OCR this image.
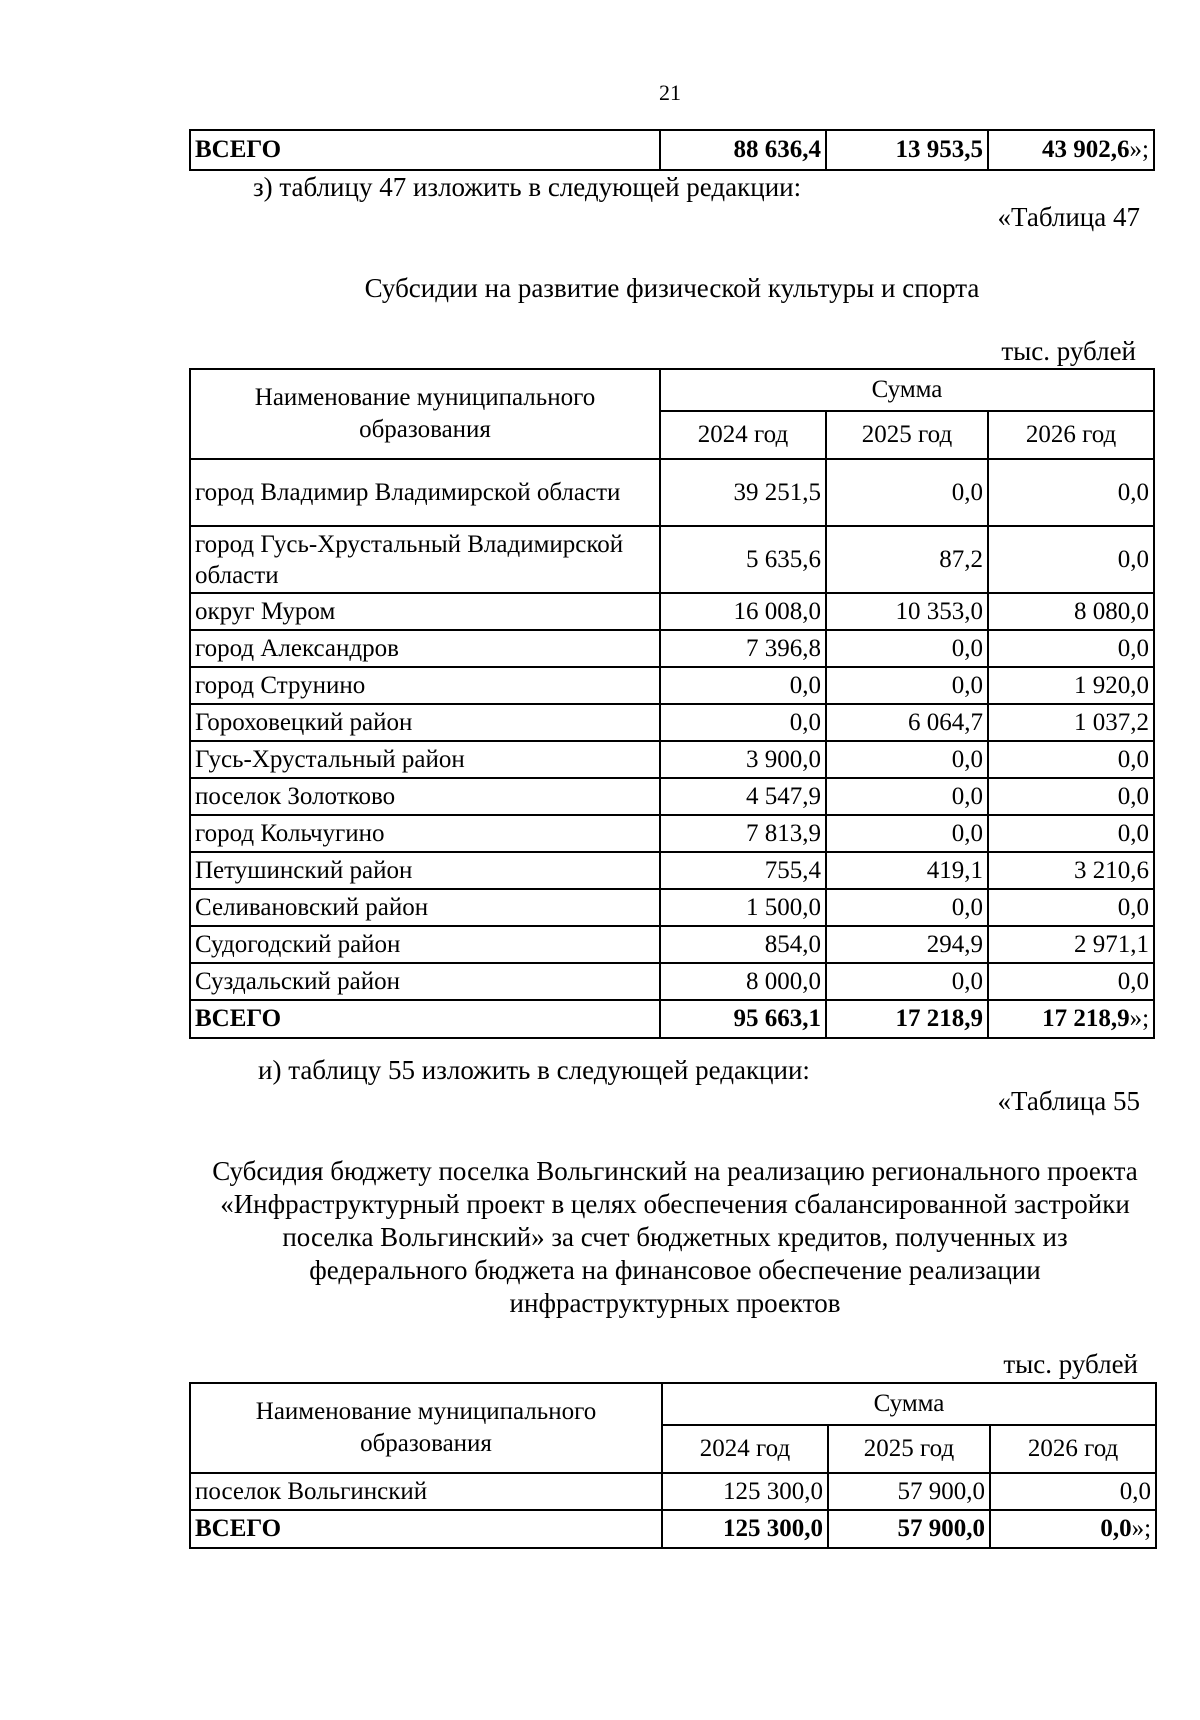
21
ВСЕГО	88 636,4	13 953,5	43 902,6»;
з) таблицу 47 изложить в следующей редакции:
«Таблица 47
Субсидии на развитие физической культуры и спорта
тыс. рублей
Наименование муниципального образования	Сумма		
	2024 год	2025 год	2026 год
город Владимир Владимирской области	39 251,5	0,0	0,0
город Гусь-Хрустальный Владимирской области	5 635,6	87,2	0,0
округ Муром	16 008,0	10 353,0	8 080,0
город Александров	7 396,8	0,0	0,0
город Струнино	0,0	0,0	1 920,0
Гороховецкий район	0,0	6 064,7	1 037,2
Гусь-Хрустальный район	3 900,0	0,0	0,0
поселок Золотково	4 547,9	0,0	0,0
город Кольчугино	7 813,9	0,0	0,0
Петушинский район	755,4	419,1	3 210,6
Селивановский район	1 500,0	0,0	0,0
Судогодский район	854,0	294,9	2 971,1
Суздальский район	8 000,0	0,0	0,0
ВСЕГО	95 663,1	17 218,9	17 218,9»;
и) таблицу 55 изложить в следующей редакции:
«Таблица 55
Субсидия бюджету поселка Вольгинский на реализацию регионального проекта «Инфраструктурный проект в целях обеспечения сбалансированной застройки поселка Вольгинский» за счет бюджетных кредитов, полученных из федерального бюджета на финансовое обеспечение реализации инфраструктурных проектов
тыс. рублей
Наименование муниципального образования	Сумма		
	2024 год	2025 год	2026 год
поселок Вольгинский	125 300,0	57 900,0	0,0
ВСЕГО	125 300,0	57 900,0	0,0»;
